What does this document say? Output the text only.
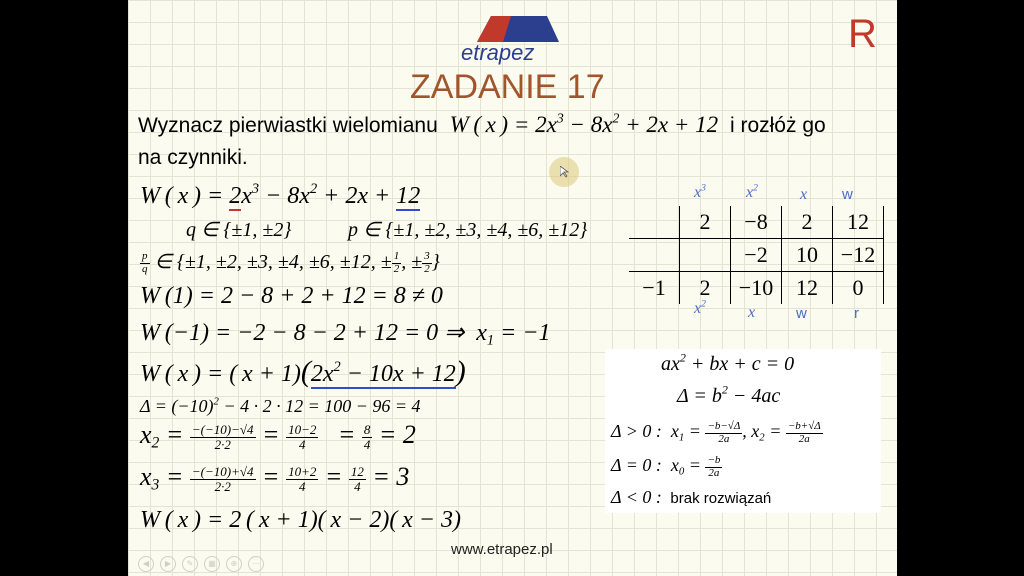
etrapez
ZADANIE 17
R
Wyznacz pierwiastki wielomianu W ( x ) = $2x^3 - 8x^2 + 2x + 12$ i rozłóż go
na czynniki.
W ( x ) = $2x^3 - 8x^2 + 2x + 12$
q ∈ {±1, ±2}	p ∈ {±1, ±2, ±3, ±4, ±6, ±12}
$\frac{p}{q}$ ∈ {±1, ±2, ±3, ±4, ±6, ±12, ± $\frac{1}{2}$ , ± $\frac{3}{2}$ }
W (1) = 2 − 8 + 2 + 12 = 8 ≠ 0
W (−1) = −2 − 8 − 2 + 12 = 0 ⇒  $x_1 = -1$
W ( x ) = ( $x + 1)(2x^2 - 10x + 12)$
$\Delta = (-10)^2 - 4 \cdot 2 \cdot 12 = 100 - 96 = 4$
$x_2 = \frac{-(-10)-√4}{2\cdot 2} = \frac{10-2}{4} = \frac{8}{4} = 2$
$x_3 = \frac{-(-10)+√4}{2\cdot 2} = \frac{10+2}{4} = \frac{12}{4} = 3$
W ( x ) = 2 ( x + 1)( x − 2)( x − 3)
$x^3$	$x^2$	x w
	2	−8	2	12
		−2	10	−12
−1	2	−10	12	0
$x^2$
x	w	r
$ax^2$ + bx + c = 0
$\Delta = b^2 - 4ac$
Δ > 0 :  $x_1 = \frac{-b-√\Delta}{2a}$ , $x_2 = \frac{-b+√\Delta}{2a}$
Δ = 0 :  $x_0 = \frac{-b}{2a}$
Δ < 0 : brak rozwiązań
www.etrapez.pl
◀	▶	✎	▦	⊕	⋯
